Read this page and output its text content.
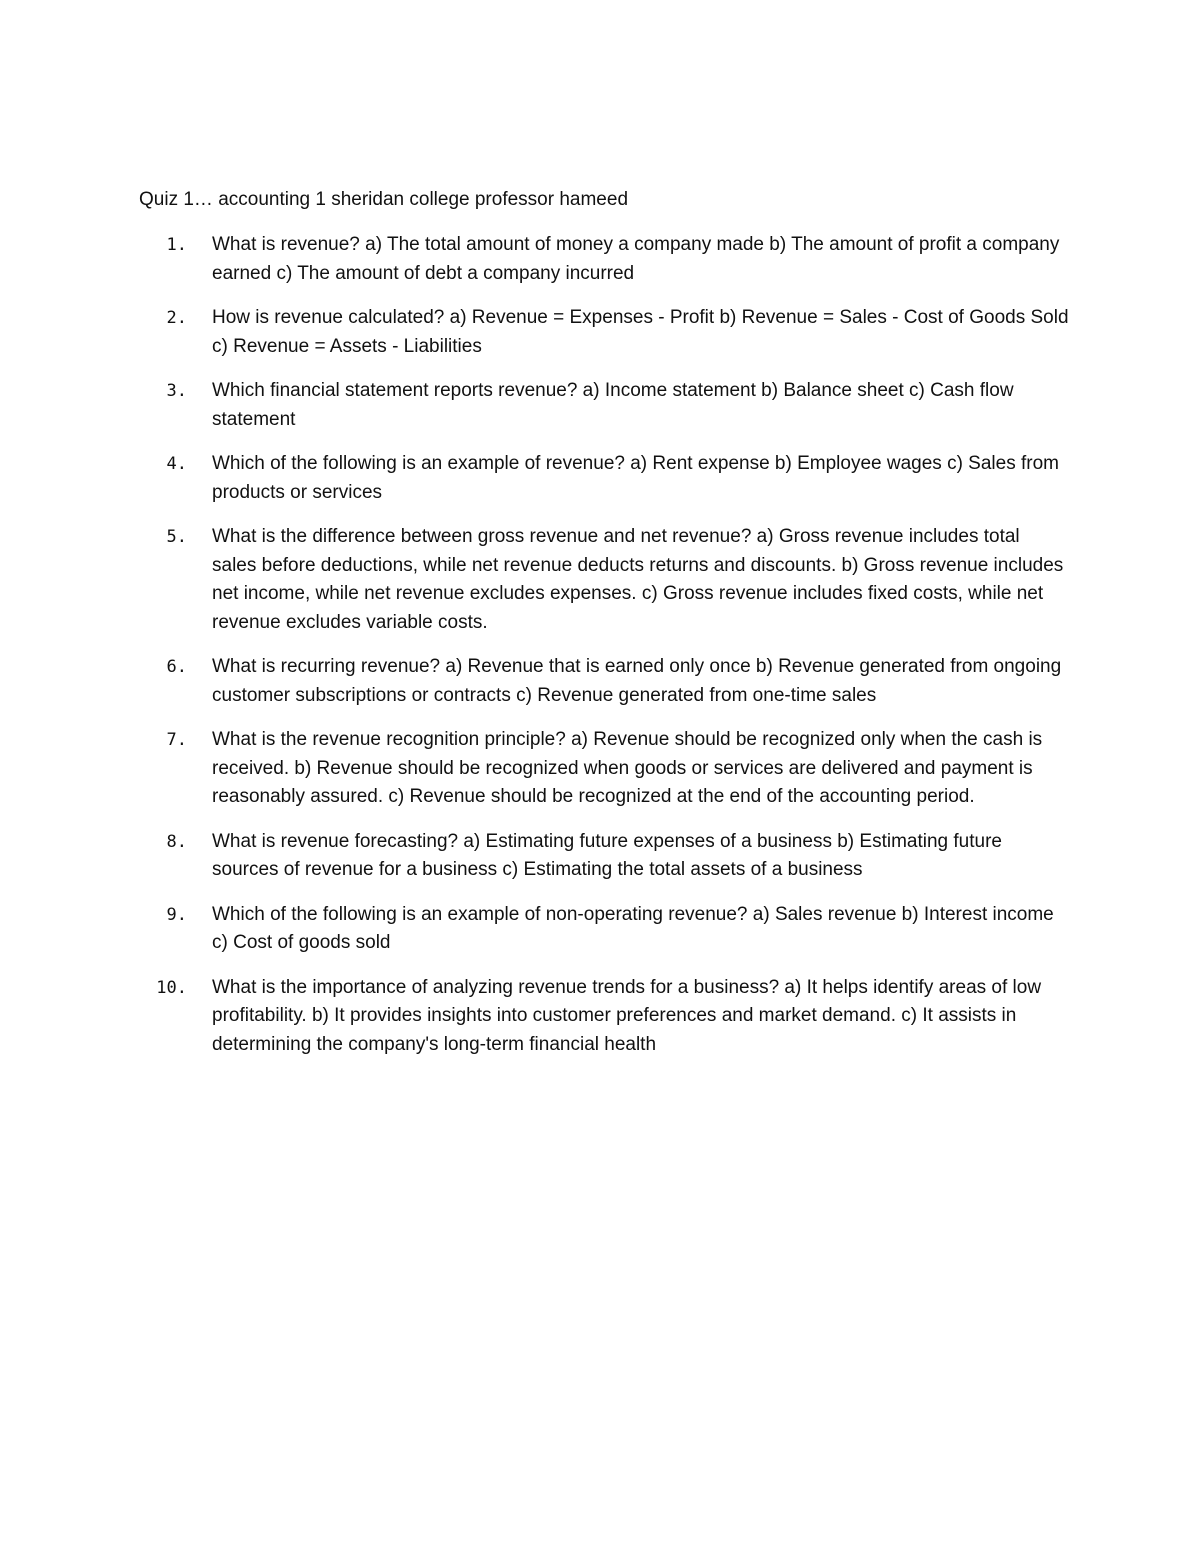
Quiz 1… accounting 1 sheridan college professor hameed
1. What is revenue? a) The total amount of money a company made b) The amount of profit a company earned c) The amount of debt a company incurred
2. How is revenue calculated? a) Revenue = Expenses - Profit b) Revenue = Sales - Cost of Goods Sold c) Revenue = Assets - Liabilities
3. Which financial statement reports revenue? a) Income statement b) Balance sheet c) Cash flow statement
4. Which of the following is an example of revenue? a) Rent expense b) Employee wages c) Sales from products or services
5. What is the difference between gross revenue and net revenue? a) Gross revenue includes total sales before deductions, while net revenue deducts returns and discounts. b) Gross revenue includes net income, while net revenue excludes expenses. c) Gross revenue includes fixed costs, while net revenue excludes variable costs.
6. What is recurring revenue? a) Revenue that is earned only once b) Revenue generated from ongoing customer subscriptions or contracts c) Revenue generated from one-time sales
7. What is the revenue recognition principle? a) Revenue should be recognized only when the cash is received. b) Revenue should be recognized when goods or services are delivered and payment is reasonably assured. c) Revenue should be recognized at the end of the accounting period.
8. What is revenue forecasting? a) Estimating future expenses of a business b) Estimating future sources of revenue for a business c) Estimating the total assets of a business
9. Which of the following is an example of non-operating revenue? a) Sales revenue b) Interest income c) Cost of goods sold
10. What is the importance of analyzing revenue trends for a business? a) It helps identify areas of low profitability. b) It provides insights into customer preferences and market demand. c) It assists in determining the company's long-term financial health
